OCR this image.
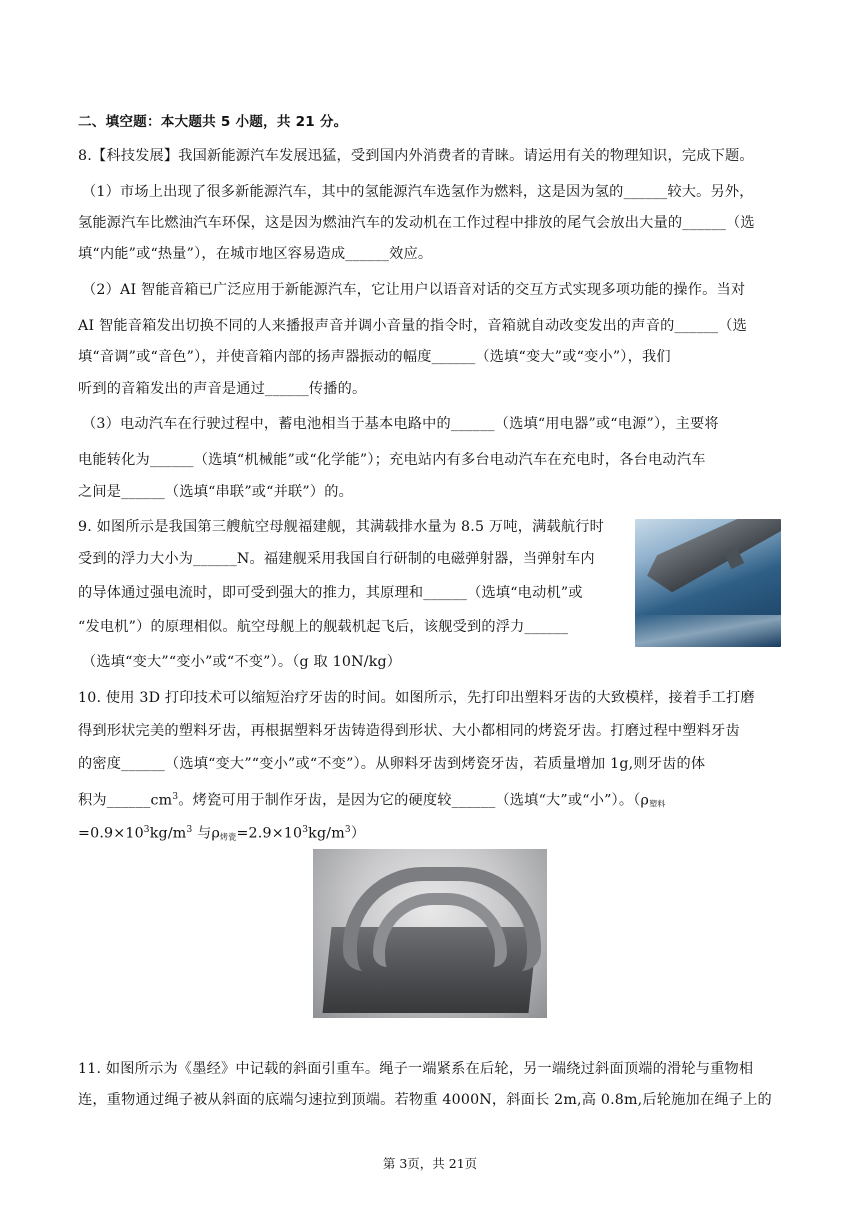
二、填空题：本大题共 5 小题，共 21 分。
8.【科技发展】我国新能源汽车发展迅猛，受到国内外消费者的青睐。请运用有关的物理知识，完成下题。
（1）市场上出现了很多新能源汽车，其中的氢能源汽车选氢作为燃料，这是因为氢的______较大。另外，
氢能源汽车比燃油汽车环保，这是因为燃油汽车的发动机在工作过程中排放的尾气会放出大量的______（选
填“内能”或“热量”），在城市地区容易造成______效应。
（2）AI 智能音箱已广泛应用于新能源汽车，它让用户以语音对话的交互方式实现多项功能的操作。当对
AI 智能音箱发出切换不同的人来播报声音并调小音量的指令时，音箱就自动改变发出的声音的______（选
填“音调”或“音色”），并使音箱内部的扬声器振动的幅度______（选填“变大”或“变小”），我们
听到的音箱发出的声音是通过______传播的。
（3）电动汽车在行驶过程中，蓄电池相当于基本电路中的______（选填“用电器”或“电源”），主要将
电能转化为______（选填“机械能”或“化学能”）；充电站内有多台电动汽车在充电时，各台电动汽车
之间是______（选填“串联”或“并联”）的。
9. 如图所示是我国第三艘航空母舰福建舰，其满载排水量为 8.5 万吨，满载航行时
受到的浮力大小为______N。福建舰采用我国自行研制的电磁弹射器，当弹射车内
的导体通过强电流时，即可受到强大的推力，其原理和______（选填“电动机”或
“发电机”）的原理相似。航空母舰上的舰载机起飞后，该舰受到的浮力______
（选填“变大”“变小”或“不变”）。（g 取 10N/kg）
10. 使用 3D 打印技术可以缩短治疗牙齿的时间。如图所示，先打印出塑料牙齿的大致模样，接着手工打磨
得到形状完美的塑料牙齿，再根据塑料牙齿铸造得到形状、大小都相同的烤瓷牙齿。打磨过程中塑料牙齿
的密度______（选填“变大”“变小”或“不变”）。从卵料牙齿到烤瓷牙齿，若质量增加 1g,则牙齿的体
积为$\_\_\_\_\_\_cm^3$。烤瓷可用于制作牙齿，是因为它的硬度较______（选填“大”或“小”）。（ρ塑料
$=0.9\times 10^3kg/m^3$ 与ρ烤瓷$=2.9\times 10^3kg/m^3$）
11. 如图所示为《墨经》中记载的斜面引重车。绳子一端紧系在后轮，另一端绕过斜面顶端的滑轮与重物相
连，重物通过绳子被从斜面的底端匀速拉到顶端。若物重 4000N，斜面长 2m,高 0.8m,后轮施加在绳子上的
第 3页，共 21页
